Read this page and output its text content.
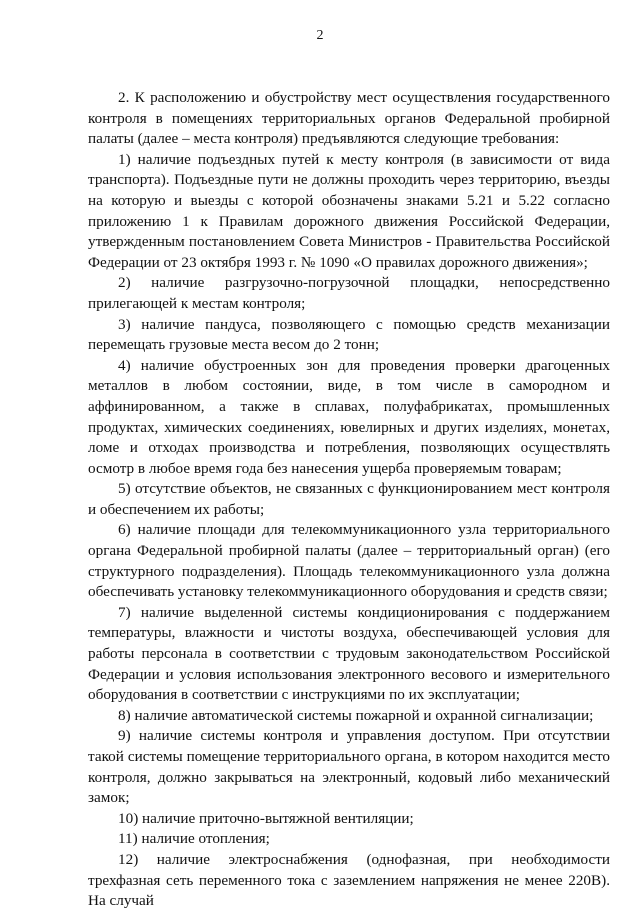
2

2. К расположению и обустройству мест осуществления государственного контроля в помещениях территориальных органов Федеральной пробирной палаты (далее – места контроля) предъявляются следующие требования:

1) наличие подъездных путей к месту контроля (в зависимости от вида транспорта). Подъездные пути не должны проходить через территорию, въезды на которую и выезды с которой обозначены знаками 5.21 и 5.22 согласно приложению 1 к Правилам дорожного движения Российской Федерации, утвержденным постановлением Совета Министров - Правительства Российской Федерации от 23 октября 1993 г. № 1090 «О правилах дорожного движения»;

2) наличие разгрузочно-погрузочной площадки, непосредственно прилегающей к местам контроля;

3) наличие пандуса, позволяющего с помощью средств механизации перемещать грузовые места весом до 2 тонн;

4) наличие обустроенных зон для проведения проверки драгоценных металлов в любом состоянии, виде, в том числе в самородном и аффинированном, а также в сплавах, полуфабрикатах, промышленных продуктах, химических соединениях, ювелирных и других изделиях, монетах, ломе и отходах производства и потребления, позволяющих осуществлять осмотр в любое время года без нанесения ущерба проверяемым товарам;

5) отсутствие объектов, не связанных с функционированием мест контроля и обеспечением их работы;

6) наличие площади для телекоммуникационного узла территориального органа Федеральной пробирной палаты (далее – территориальный орган) (его структурного подразделения). Площадь телекоммуникационного узла должна обеспечивать установку телекоммуникационного оборудования и средств связи;

7) наличие выделенной системы кондиционирования с поддержанием температуры, влажности и чистоты воздуха, обеспечивающей условия для работы персонала в соответствии с трудовым законодательством Российской Федерации и условия использования электронного весового и измерительного оборудования в соответствии с инструкциями по их эксплуатации;

8) наличие автоматической системы пожарной и охранной сигнализации;

9) наличие системы контроля и управления доступом. При отсутствии такой системы помещение территориального органа, в котором находится место контроля, должно закрываться на электронный, кодовый либо механический замок;

10) наличие приточно-вытяжной вентиляции;

11) наличие отопления;

12) наличие электроснабжения (однофазная, при необходимости трехфазная сеть переменного тока с заземлением напряжения не менее 220В). На случай
